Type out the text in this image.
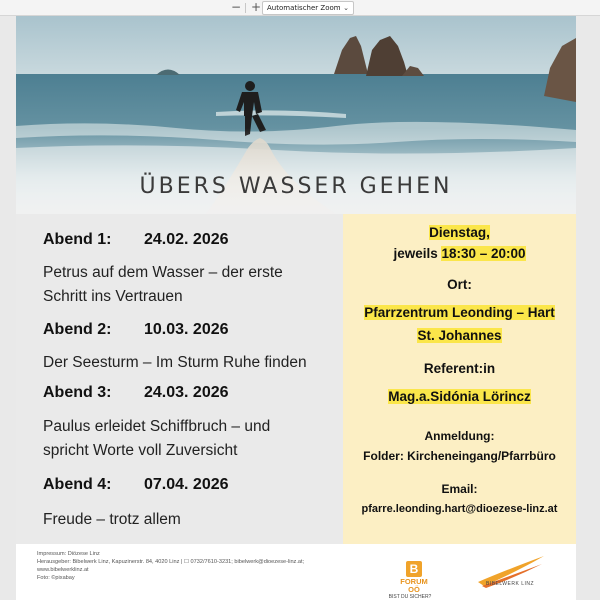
− + Automatischer Zoom ⌄
ÜBERS WASSER GEHEN
Abend 1: 24.02. 2026
Petrus auf dem Wasser – der erste
Schritt ins Vertrauen
Abend 2: 10.03. 2026
Der Seesturm – Im Sturm Ruhe finden
Abend 3: 24.03. 2026
Paulus erleidet Schiffbruch – und
spricht Worte voll Zuversicht
Abend 4: 07.04. 2026
Freude – trotz allem
Dienstag,
jeweils 18:30 – 20:00
Ort:
Pfarrzentrum Leonding – Hart
St. Johannes
Referent:in
Mag.a.Sidónia Lörincz
Anmeldung:
Folder: Kircheneingang/Pfarrbüro
Email:
pfarre.leonding.hart@dioezese-linz.at
Impressum: Diözese Linz
Herausgeber: Bibelwerk Linz, Kapuzinerstr. 84, 4020 Linz | ☐ 0732/7610-3231; bibelwerk@dioezese-linz.at;
www.bibelwerklinz.at
Foto: ©pixabay
B
FORUM OÖ
BIST DU SICHER?
BIBELWERK LINZ
